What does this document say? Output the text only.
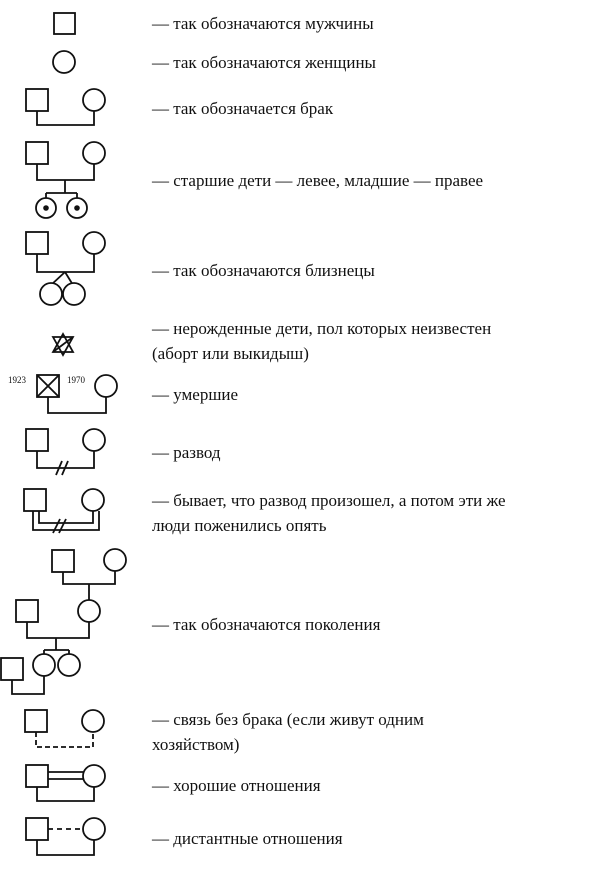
1923	1970
— так обозначаются мужчины
— так обозначаются женщины
— так обозначается брак
— старшие дети — левее, младшие — правее
— так обозначаются близнецы
— нерожденные дети, пол которых неизвестен
(аборт или выкидыш)
— умершие
— развод
— бывает, что развод произошел, а потом эти же
люди поженились опять
— так обозначаются поколения
— связь без брака (если живут одним
хозяйством)
— хорошие отношения
— дистантные отношения
